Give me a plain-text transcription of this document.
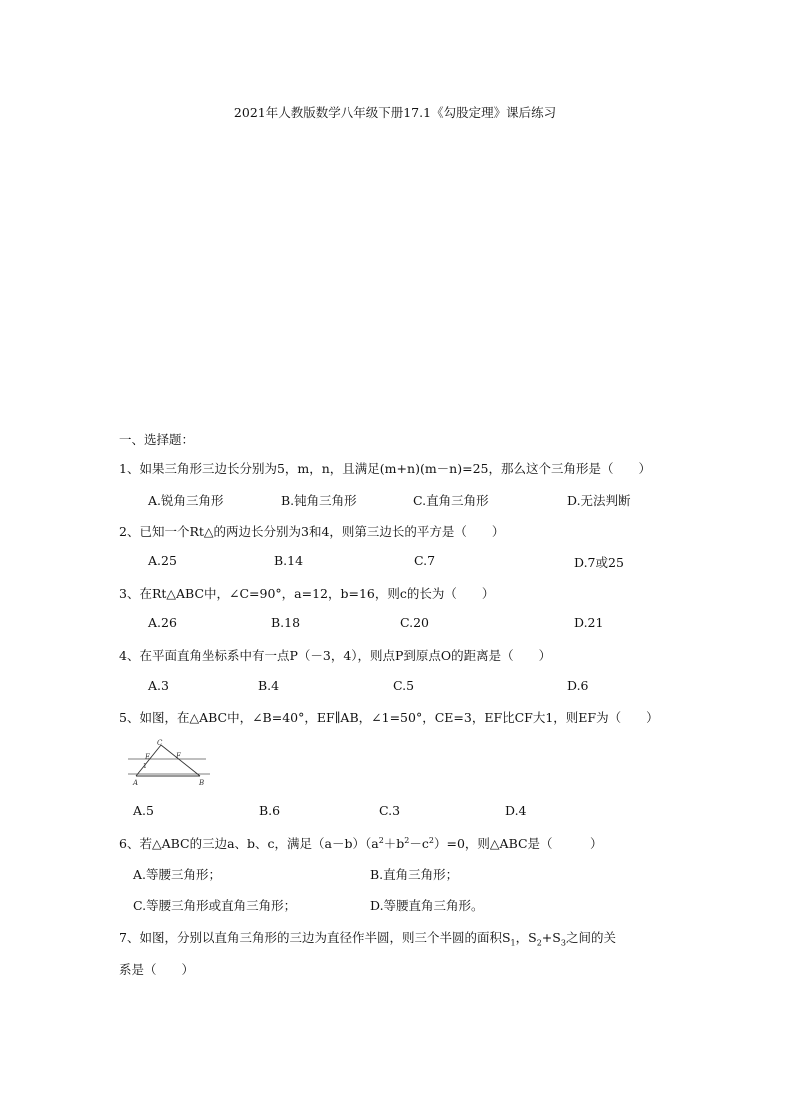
2021年人教版数学八年级下册17.1《勾股定理》课后练习
一、选择题：
1、如果三角形三边长分别为5，m，n，且满足(m+n)(m－n)=25，那么这个三角形是（　　）
A.锐角三角形	B.钝角三角形	C.直角三角形	D.无法判断
2、已知一个Rt△的两边长分别为3和4，则第三边长的平方是（　　）
A.25	B.14	C.7	D.7或25
3、在Rt△ABC中，∠C=90°，a=12，b=16，则c的长为（　　）
A.26	B.18	C.20	D.21
4、在平面直角坐标系中有一点P（－3，4），则点P到原点O的距离是（　　）
A.3	B.4	C.5	D.6
5、如图，在△ABC中，∠B=40°，EF∥AB，∠1=50°，CE=3，EF比CF大1，则EF为（　　）
C
E	F
1
A	B
A.5	B.6	C.3	D.4
6、若△ABC的三边a、b、c，满足$(a-b)(a^2+b^2-c^2)=0$，则△ABC是（　　　）
A.等腰三角形；	B.直角三角形；
C.等腰三角形或直角三角形；	D.等腰直角三角形。
7、如图，分别以直角三角形的三边为直径作半圆，则三个半圆的面积$S_1$，$S_2+S_3$之间的关
系是（　　）
